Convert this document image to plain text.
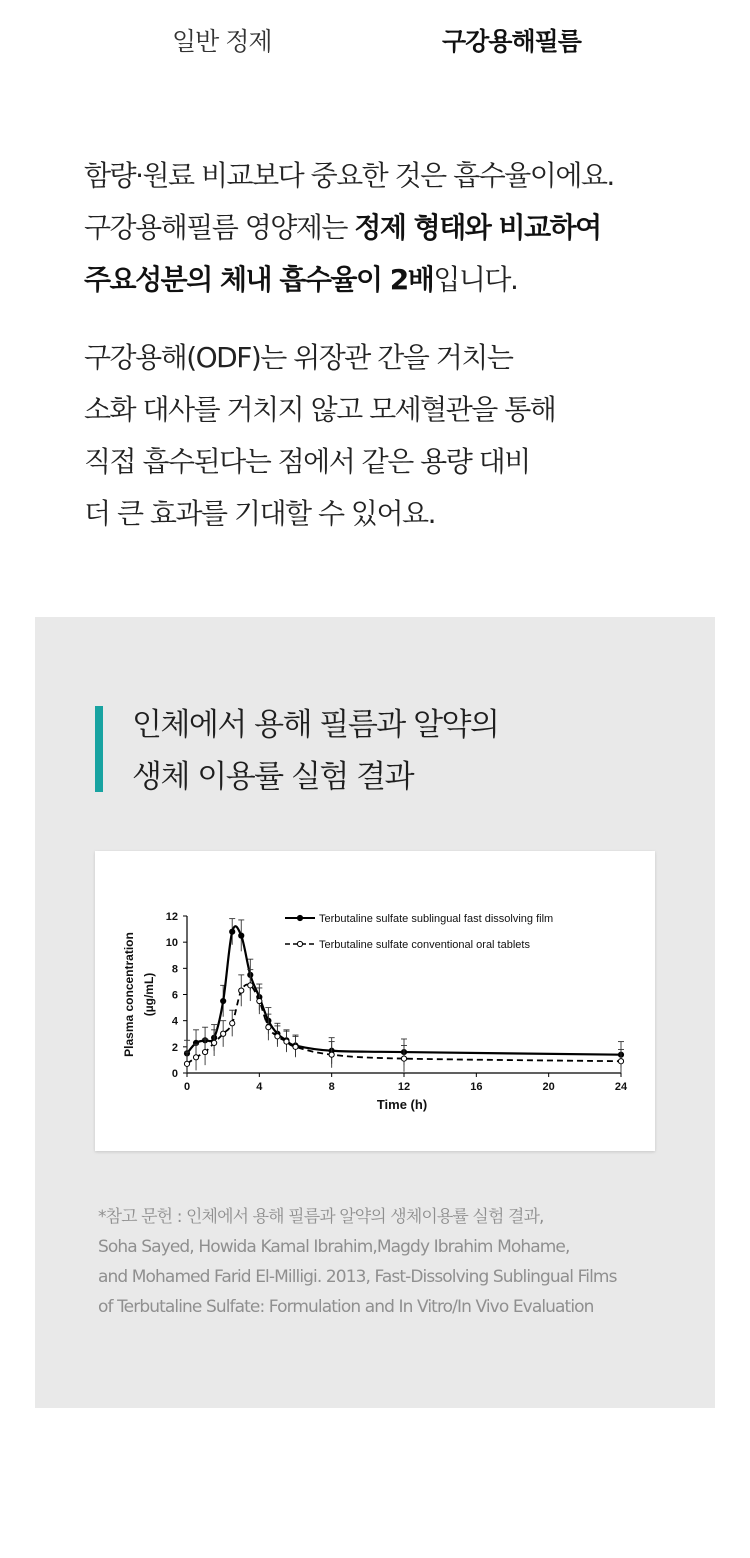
일반 정제	구강용해필름

함량·원료 비교보다 중요한 것은 흡수율이에요.

구강용해필름 영양제는 정제 형태와 비교하여

주요성분의 체내 흡수율이 2배입니다.

구강용해(ODF)는 위장관 간을 거치는

소화 대사를 거치지 않고 모세혈관을 통해

직접 흡수된다는 점에서 같은 용량 대비

더 큰 효과를 기대할 수 있어요.

인체에서 용해 필름과 알약의
생체 이용률 실험 결과
0	4	8	12	16	20	24
0
2
4
6
8
10
12
Time (h)
Plasma concentration (µg/mL)
Terbutaline sulfate sublingual fast dissolving film
Terbutaline sulfate conventional oral tablets
*참고 문헌 : 인체에서 용해 필름과 알약의 생체이용률 실험 결과,
Soha Sayed, Howida Kamal Ibrahim,Magdy Ibrahim Mohame,
and Mohamed Farid El-Milligi. 2013, Fast-Dissolving Sublingual Films
of Terbutaline Sulfate: Formulation and In Vitro/In Vivo Evaluation
